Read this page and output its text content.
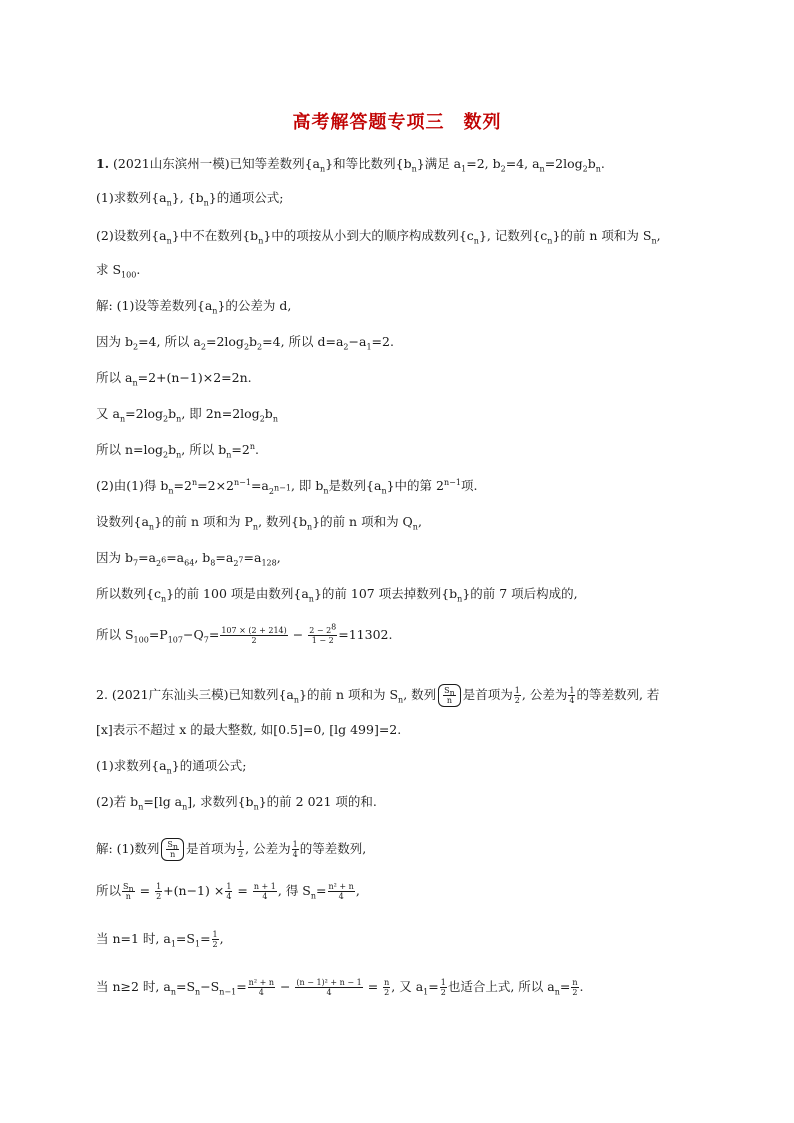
高考解答题专项三　数列
1. (2021山东滨州一模)已知等差数列$\{a_n\}$和等比数列$\{b_n\}$满足 $a_1=2$, $b_2=4$, $a_n=2\log_2b_n$.
(1)求数列$\{a_n\}$, $\{b_n\}$的通项公式;
(2)设数列$\{a_n\}$中不在数列$\{b_n\}$中的项按从小到大的顺序构成数列$\{c_n\}$, 记数列$\{c_n\}$的前 n 项和为 $S_n$,
求 $S_{100}$.
解: (1)设等差数列$\{a_n\}$的公差为 d,
因为 $b_2=4$, 所以 $a_2=2\log_2b_2=4$, 所以 $d=a_2-a_1=2$.
所以 $a_n=2+(n-1)\times 2=2n$.
又 $a_n=2\log_2b_n$, 即 $2n=2\log_2b_n$
所以 $n=\log_2b_n$, 所以 $b_n=2^n$.
(2)由(1)得 $b_n=2^n=2\times 2^{n-1}=a_{2^{n-1}}$, 即 $b_n$是数列$\{a_n\}$中的第 $2^{n-1}$项.
设数列$\{a_n\}$的前 n 项和为 $P_n$, 数列$\{b_n\}$的前 n 项和为 $Q_n$,
因为 $b_7=a_{2^6}=a_{64}$, $b_8=a_{2^7}=a_{128}$,
所以数列$\{c_n\}$的前 100 项是由数列$\{a_n\}$的前 107 项去掉数列$\{b_n\}$的前 7 项后构成的,
所以 $S_{100}=P_{107}-Q_7= \frac{107 \times (2 + 214)}{2} - \frac{2 - 2^8}{1 - 2} =11302$.
2. (2021广东汕头三模)已知数列$\{a_n\}$的前 n 项和为 $S_n$, 数列 $\frac{S_n}{n}$ 是首项为 $\frac{1}{2}$ , 公差为 $\frac{1}{4}$ 的等差数列, 若
[x]表示不超过 x 的最大整数, 如[0.5]=0, [lg 499]=2.
(1)求数列$\{a_n\}$的通项公式;
(2)若 $b_n=[\lg$ $a_n$], 求数列$\{b_n\}$的前 2 021 项的和.
解: (1)数列 $\frac{S_n}{n}$ 是首项为 $\frac{1}{2}$ , 公差为 $\frac{1}{4}$ 的等差数列,
所以 $\frac{S_n}{n} = \frac{1}{2} +(n-1) \times \frac{1}{4} = \frac{n + 1}{4}$ , 得 $S_n= \frac{\text{n² + n}}{4}$ ,
当 n=1 时, $a_1=S_1= \frac{1}{2}$ ,
当 n≥2 时, $a_n=S_n-S_{n-1}= \frac{\text{n² + n}}{4} - \frac{\text{(n − 1)² + n − 1}}{4} = \frac{n}{2}$ , 又 $a_1= \frac{1}{2}$ 也适合上式, 所以 $a_n= \frac{n}{2}$ .
